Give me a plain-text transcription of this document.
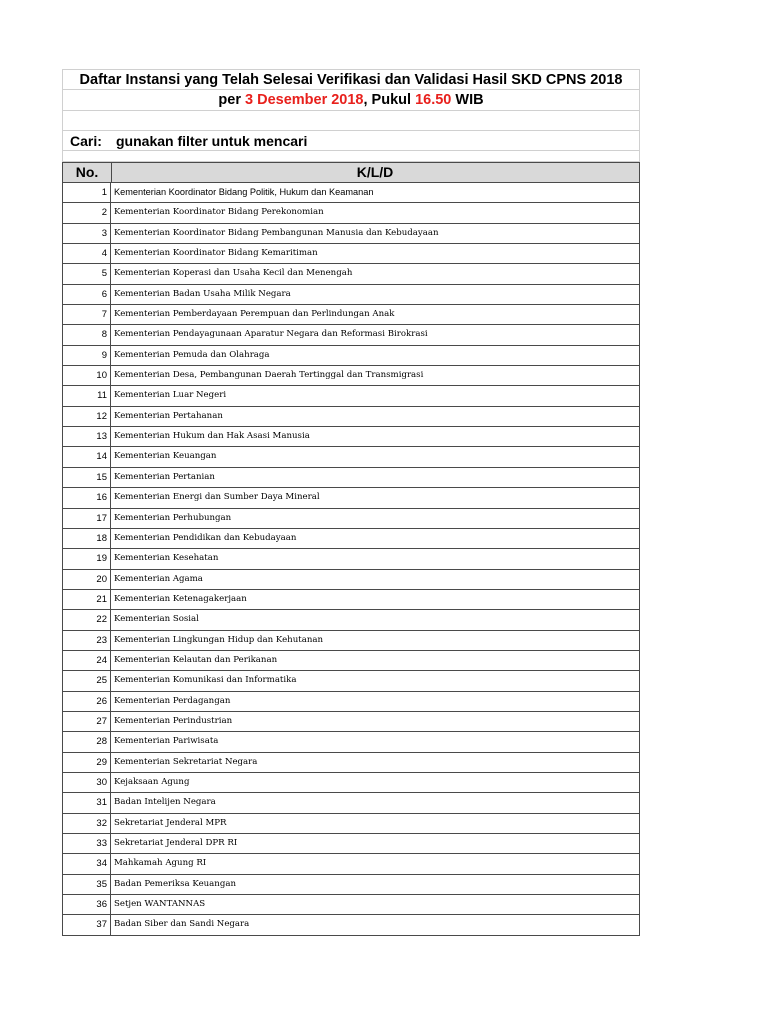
Daftar Instansi yang Telah Selesai Verifikasi dan Validasi Hasil SKD CPNS 2018
per 3 Desember 2018, Pukul 16.50 WIB
Cari: gunakan filter untuk mencari
No.	K/L/D
1 Kementerian Koordinator Bidang Politik, Hukum dan Keamanan
2 Kementerian Koordinator Bidang Perekonomian
3 Kementerian Koordinator Bidang Pembangunan Manusia dan Kebudayaan
4 Kementerian Koordinator Bidang Kemaritiman
5 Kementerian Koperasi dan Usaha Kecil dan Menengah
6 Kementerian Badan Usaha Milik Negara
7 Kementerian Pemberdayaan Perempuan dan Perlindungan Anak
8 Kementerian Pendayagunaan Aparatur Negara dan Reformasi Birokrasi
9 Kementerian Pemuda dan Olahraga
10 Kementerian Desa, Pembangunan Daerah Tertinggal dan Transmigrasi
11 Kementerian Luar Negeri
12 Kementerian Pertahanan
13 Kementerian Hukum dan Hak Asasi Manusia
14 Kementerian Keuangan
15 Kementerian Pertanian
16 Kementerian Energi dan Sumber Daya Mineral
17 Kementerian Perhubungan
18 Kementerian Pendidikan dan Kebudayaan
19 Kementerian Kesehatan
20 Kementerian Agama
21 Kementerian Ketenagakerjaan
22 Kementerian Sosial
23 Kementerian Lingkungan Hidup dan Kehutanan
24 Kementerian Kelautan dan Perikanan
25 Kementerian Komunikasi dan Informatika
26 Kementerian Perdagangan
27 Kementerian Perindustrian
28 Kementerian Pariwisata
29 Kementerian Sekretariat Negara
30 Kejaksaan Agung
31 Badan Intelijen Negara
32 Sekretariat Jenderal MPR
33 Sekretariat Jenderal DPR RI
34 Mahkamah Agung RI
35 Badan Pemeriksa Keuangan
36 Setjen WANTANNAS
37 Badan Siber dan Sandi Negara
